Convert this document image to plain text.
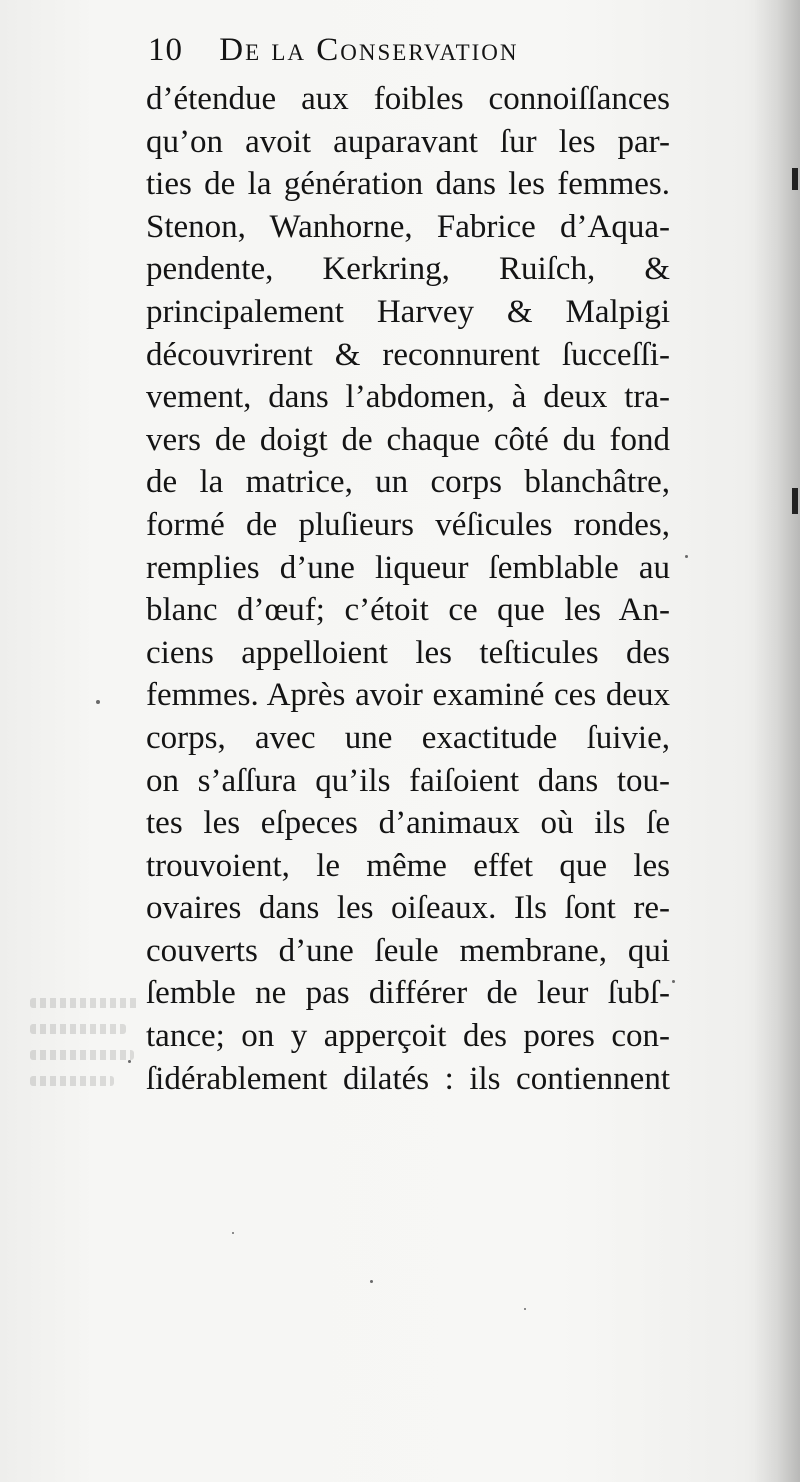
10 De la Conservation
d’étendue aux foibles connoiſſances
qu’on avoit auparavant ſur les par-
ties de la génération dans les femmes.
Stenon, Wanhorne, Fabrice d’Aqua-
pendente, Kerkring, Ruiſch, &
principalement Harvey & Malpigi
découvrirent & reconnurent ſucceſſi-
vement, dans l’abdomen, à deux tra-
vers de doigt de chaque côté du fond
de la matrice, un corps blanchâtre,
formé de pluſieurs véſicules rondes,
remplies d’une liqueur ſemblable au
blanc d’œuf; c’étoit ce que les An-
ciens appelloient les teſticules des
femmes. Après avoir examiné ces deux
corps, avec une exactitude ſuivie,
on s’aſſura qu’ils faiſoient dans tou-
tes les eſpeces d’animaux où ils ſe
trouvoient, le même effet que les
ovaires dans les oiſeaux. Ils ſont re-
couverts d’une ſeule membrane, qui
ſemble ne pas différer de leur ſubſ-
tance; on y apperçoit des pores con-
ſidérablement dilatés : ils contiennent
